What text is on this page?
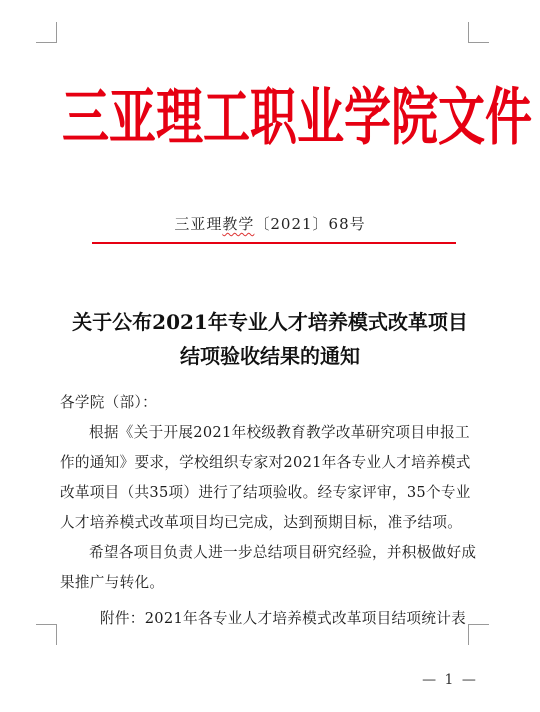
三亚理工职业学院文件
三亚理教学〔2021〕68号
关于公布2021年专业人才培养模式改革项目
结项验收结果的通知

各学院（部）：

根据《关于开展2021年校级教育教学改革研究项目申报工作的通知》要求，学校组织专家对2021年各专业人才培养模式改革项目（共35项）进行了结项验收。经专家评审，35个专业人才培养模式改革项目均已完成，达到预期目标，准予结项。

希望各项目负责人进一步总结项目研究经验，并积极做好成果推广与转化。

附件：2021年各专业人才培养模式改革项目结项统计表
— 1 —
